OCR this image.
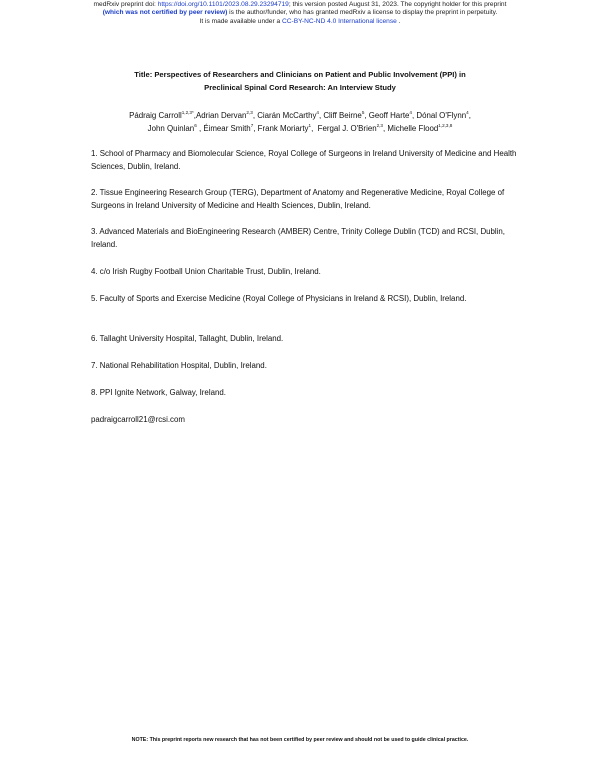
medRxiv preprint doi: https://doi.org/10.1101/2023.08.29.23294719; this version posted August 31, 2023. The copyright holder for this preprint
(which was not certified by peer review) is the author/funder, who has granted medRxiv a license to display the preprint in perpetuity.
It is made available under a CC-BY-NC-ND 4.0 International license .
Title: Perspectives of Researchers and Clinicians on Patient and Public Involvement (PPI) in
Preclinical Spinal Cord Research: An Interview Study
Pádraig Carroll$^{1,2,3*}$,Adrian Dervan$^{2,3}$, Ciarán McCarthy$^4$, Cliff Beirne$^5$, Geoff Harte$^4$, Dónal O'Flynn$^4$,
John Quinlan$^6$ , Éimear Smith$^7$, Frank Moriarty$^1$,  Fergal J. O'Brien$^{2,3}$, Michelle Flood$^{1,2,3,8}$

1. School of Pharmacy and Biomolecular Science, Royal College of Surgeons in Ireland University of Medicine and Health Sciences, Dublin, Ireland.

2. Tissue Engineering Research Group (TERG), Department of Anatomy and Regenerative Medicine, Royal College of Surgeons in Ireland University of Medicine and Health Sciences, Dublin, Ireland.

3. Advanced Materials and BioEngineering Research (AMBER) Centre, Trinity College Dublin (TCD) and RCSI, Dublin, Ireland.

4. c/o Irish Rugby Football Union Charitable Trust, Dublin, Ireland.

5. Faculty of Sports and Exercise Medicine (Royal College of Physicians in Ireland & RCSI), Dublin, Ireland.

6. Tallaght University Hospital, Tallaght, Dublin, Ireland.

7. National Rehabilitation Hospital, Dublin, Ireland.

8. PPI Ignite Network, Galway, Ireland.

padraigcarroll21@rcsi.com

NOTE: This preprint reports new research that has not been certified by peer review and should not be used to guide clinical practice.
